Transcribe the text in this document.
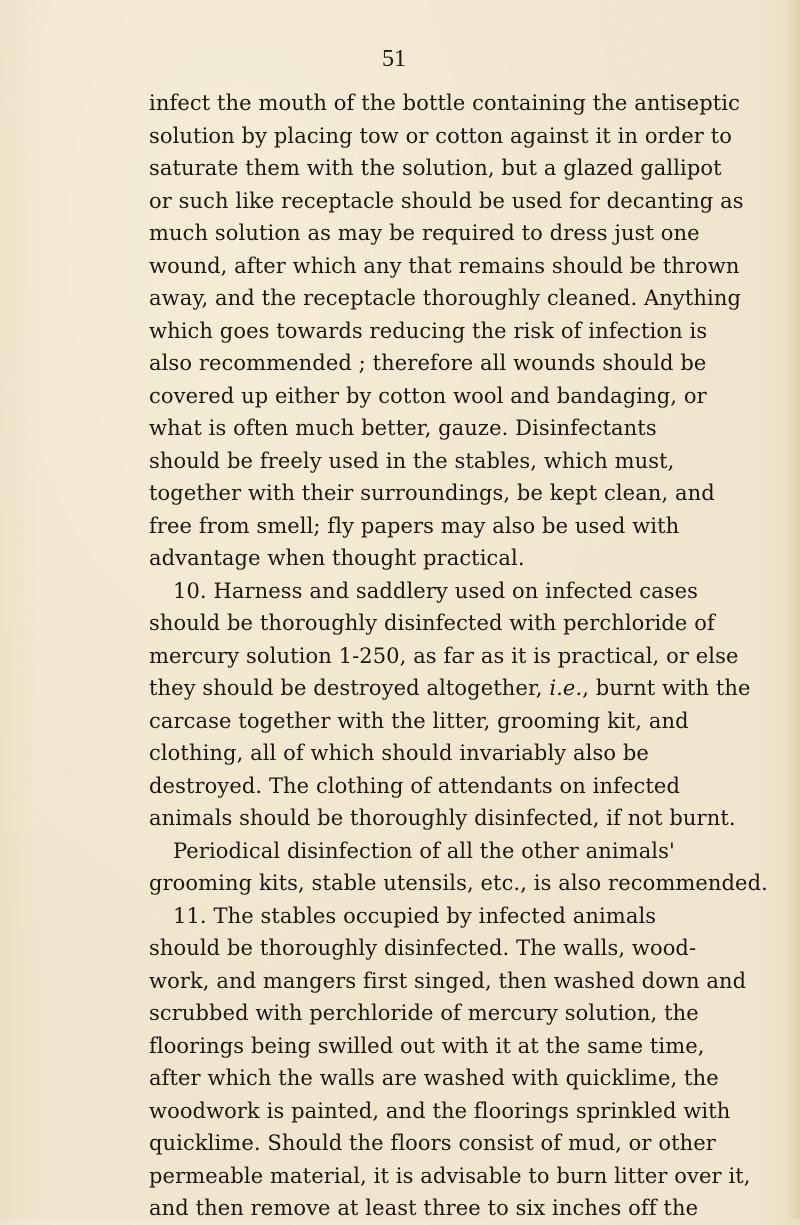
51

infect the mouth of the bottle containing the antiseptic
solution by placing tow or cotton against it in order to
saturate them with the solution, but a glazed gallipot
or such like receptacle should be used for decanting as
much solution as may be required to dress just one
wound, after which any that remains should be thrown
away, and the receptacle thoroughly cleaned. Anything
which goes towards reducing the risk of infection is
also recommended ; therefore all wounds should be
covered up either by cotton wool and bandaging, or
what is often much better, gauze. Disinfectants
should be freely used in the stables, which must,
together with their surroundings, be kept clean, and
free from smell; fly papers may also be used with
advantage when thought practical.
10. Harness and saddlery used on infected cases
should be thoroughly disinfected with perchloride of
mercury solution 1-250, as far as it is practical, or else
they should be destroyed altogether, i.e., burnt with the
carcase together with the litter, grooming kit, and
clothing, all of which should invariably also be
destroyed. The clothing of attendants on infected
animals should be thoroughly disinfected, if not burnt.
Periodical disinfection of all the other animals'
grooming kits, stable utensils, etc., is also recommended.
11. The stables occupied by infected animals
should be thoroughly disinfected. The walls, wood-
work, and mangers first singed, then washed down and
scrubbed with perchloride of mercury solution, the
floorings being swilled out with it at the same time,
after which the walls are washed with quicklime, the
woodwork is painted, and the floorings sprinkled with
quicklime. Should the floors consist of mud, or other
permeable material, it is advisable to burn litter over it,
and then remove at least three to six inches off the
